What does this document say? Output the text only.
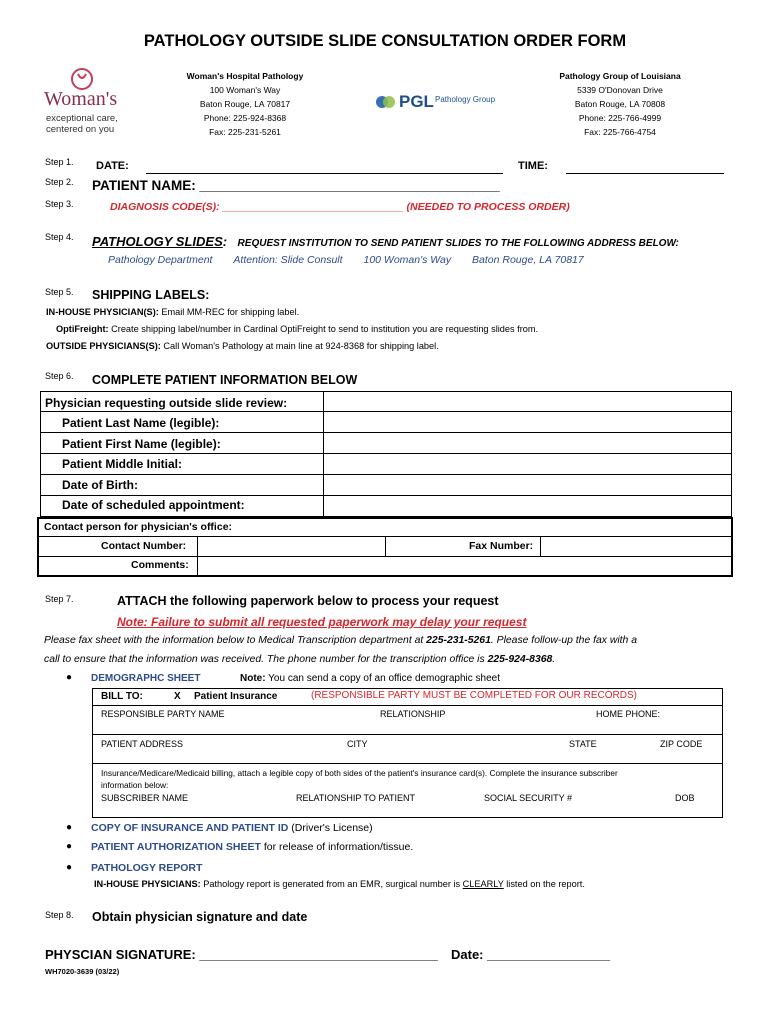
PATHOLOGY OUTSIDE SLIDE CONSULTATION ORDER FORM
Woman's
exceptional care,
centered on you
Woman's Hospital Pathology
100 Woman's Way
Baton Rouge, LA 70817
Phone: 225-924-8368
Fax: 225-231-5261
PGL Pathology Group
Pathology Group of Louisiana
5339 O'Donovan Drive
Baton Rouge, LA 70808
Phone: 225-766-4999
Fax: 225-766-4754
Step 1. DATE:	TIME:
Step 2. PATIENT NAME: ________________________________________
Step 3.	DIAGNOSIS CODE(S): _______________________________ (NEEDED TO PROCESS ORDER)
Step 4. PATHOLOGY SLIDES: REQUEST INSTITUTION TO SEND PATIENT SLIDES TO THE FOLLOWING ADDRESS BELOW:
Pathology Department Attention: Slide Consult 100 Woman's Way Baton Rouge, LA 70817
Step 5. SHIPPING LABELS:
IN-HOUSE PHYSICIAN(S): Email MM-REC for shipping label.
OptiFreight: Create shipping label/number in Cardinal OptiFreight to send to institution you are requesting slides from.
OUTSIDE PHYSICIANS(S): Call Woman's Pathology at main line at 924-8368 for shipping label.
Step 6. COMPLETE PATIENT INFORMATION BELOW
Physician requesting outside slide review:
Patient Last Name (legible):
Patient First Name (legible):
Patient Middle Initial:
Date of Birth:
Date of scheduled appointment:
Contact person for physician's office:
Contact Number:	Fax Number:
Comments:
Step 7.	ATTACH the following paperwork below to process your request
Note: Failure to submit all requested paperwork may delay your request
Please fax sheet with the information below to Medical Transcription department at 225-231-5261. Please follow-up the fax with a
call to ensure that the information was received. The phone number for the transcription office is 225-924-8368.
● DEMOGRAPHC SHEET	Note: You can send a copy of an office demographic sheet
BILL TO:	X Patient Insurance	(RESPONSIBLE PARTY MUST BE COMPLETED FOR OUR RECORDS)
RESPONSIBLE PARTY NAME	RELATIONSHIP	HOME PHONE:
PATIENT ADDRESS	CITY	STATE	ZIP CODE
Insurance/Medicare/Medicaid billing, attach a legible copy of both sides of the patient's insurance card(s). Complete the insurance subscriber
information below:
SUBSCRIBER NAME	RELATIONSHIP TO PATIENT	SOCIAL SECURITY #	DOB
● COPY OF INSURANCE AND PATIENT ID (Driver's License)
● PATIENT AUTHORIZATION SHEET for release of information/tissue.
● PATHOLOGY REPORT
IN-HOUSE PHYSICIANS: Pathology report is generated from an EMR, surgical number is CLEARLY listed on the report.
Step 8. Obtain physician signature and date
PHYSCIAN SIGNATURE: _________________________________ Date: _________________
WH7020-3639 (03/22)
